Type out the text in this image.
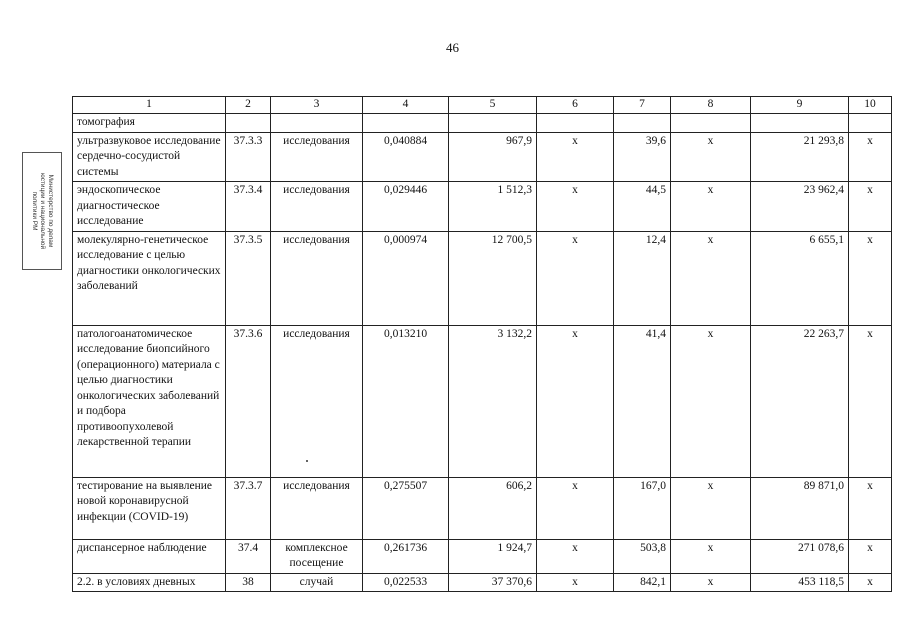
46
Министерство по делам
юстиции и национальной
политики РМ
1	2	3	4	5	6	7	8	9	10
томография									
ультразвуковое исследование сердечно-сосудистой системы	37.3.3	исследования	0,040884	967,9	х	39,6	х	21 293,8	х
эндоскопическое диагностическое исследование	37.3.4	исследования	0,029446	1 512,3	х	44,5	х	23 962,4	х
молекулярно-генетическое исследование с целью диагностики онкологических заболеваний	37.3.5	исследования	0,000974	12 700,5	х	12,4	х	6 655,1	х
патологоанатомическое исследование биопсийного (операционного) материала с целью диагностики онкологических заболеваний и подбора противоопухолевой лекарственной терапии	37.3.6	исследования	0,013210	3 132,2	х	41,4	х	22 263,7	х
тестирование на выявление новой коронавирусной инфекции (COVID-19)	37.3.7	исследования	0,275507	606,2	х	167,0	х	89 871,0	х
диспансерное наблюдение	37.4	комплексное посещение	0,261736	1 924,7	х	503,8	х	271 078,6	х
2.2. в условиях дневных	38	случай	0,022533	37 370,6	х	842,1	х	453 118,5	х
